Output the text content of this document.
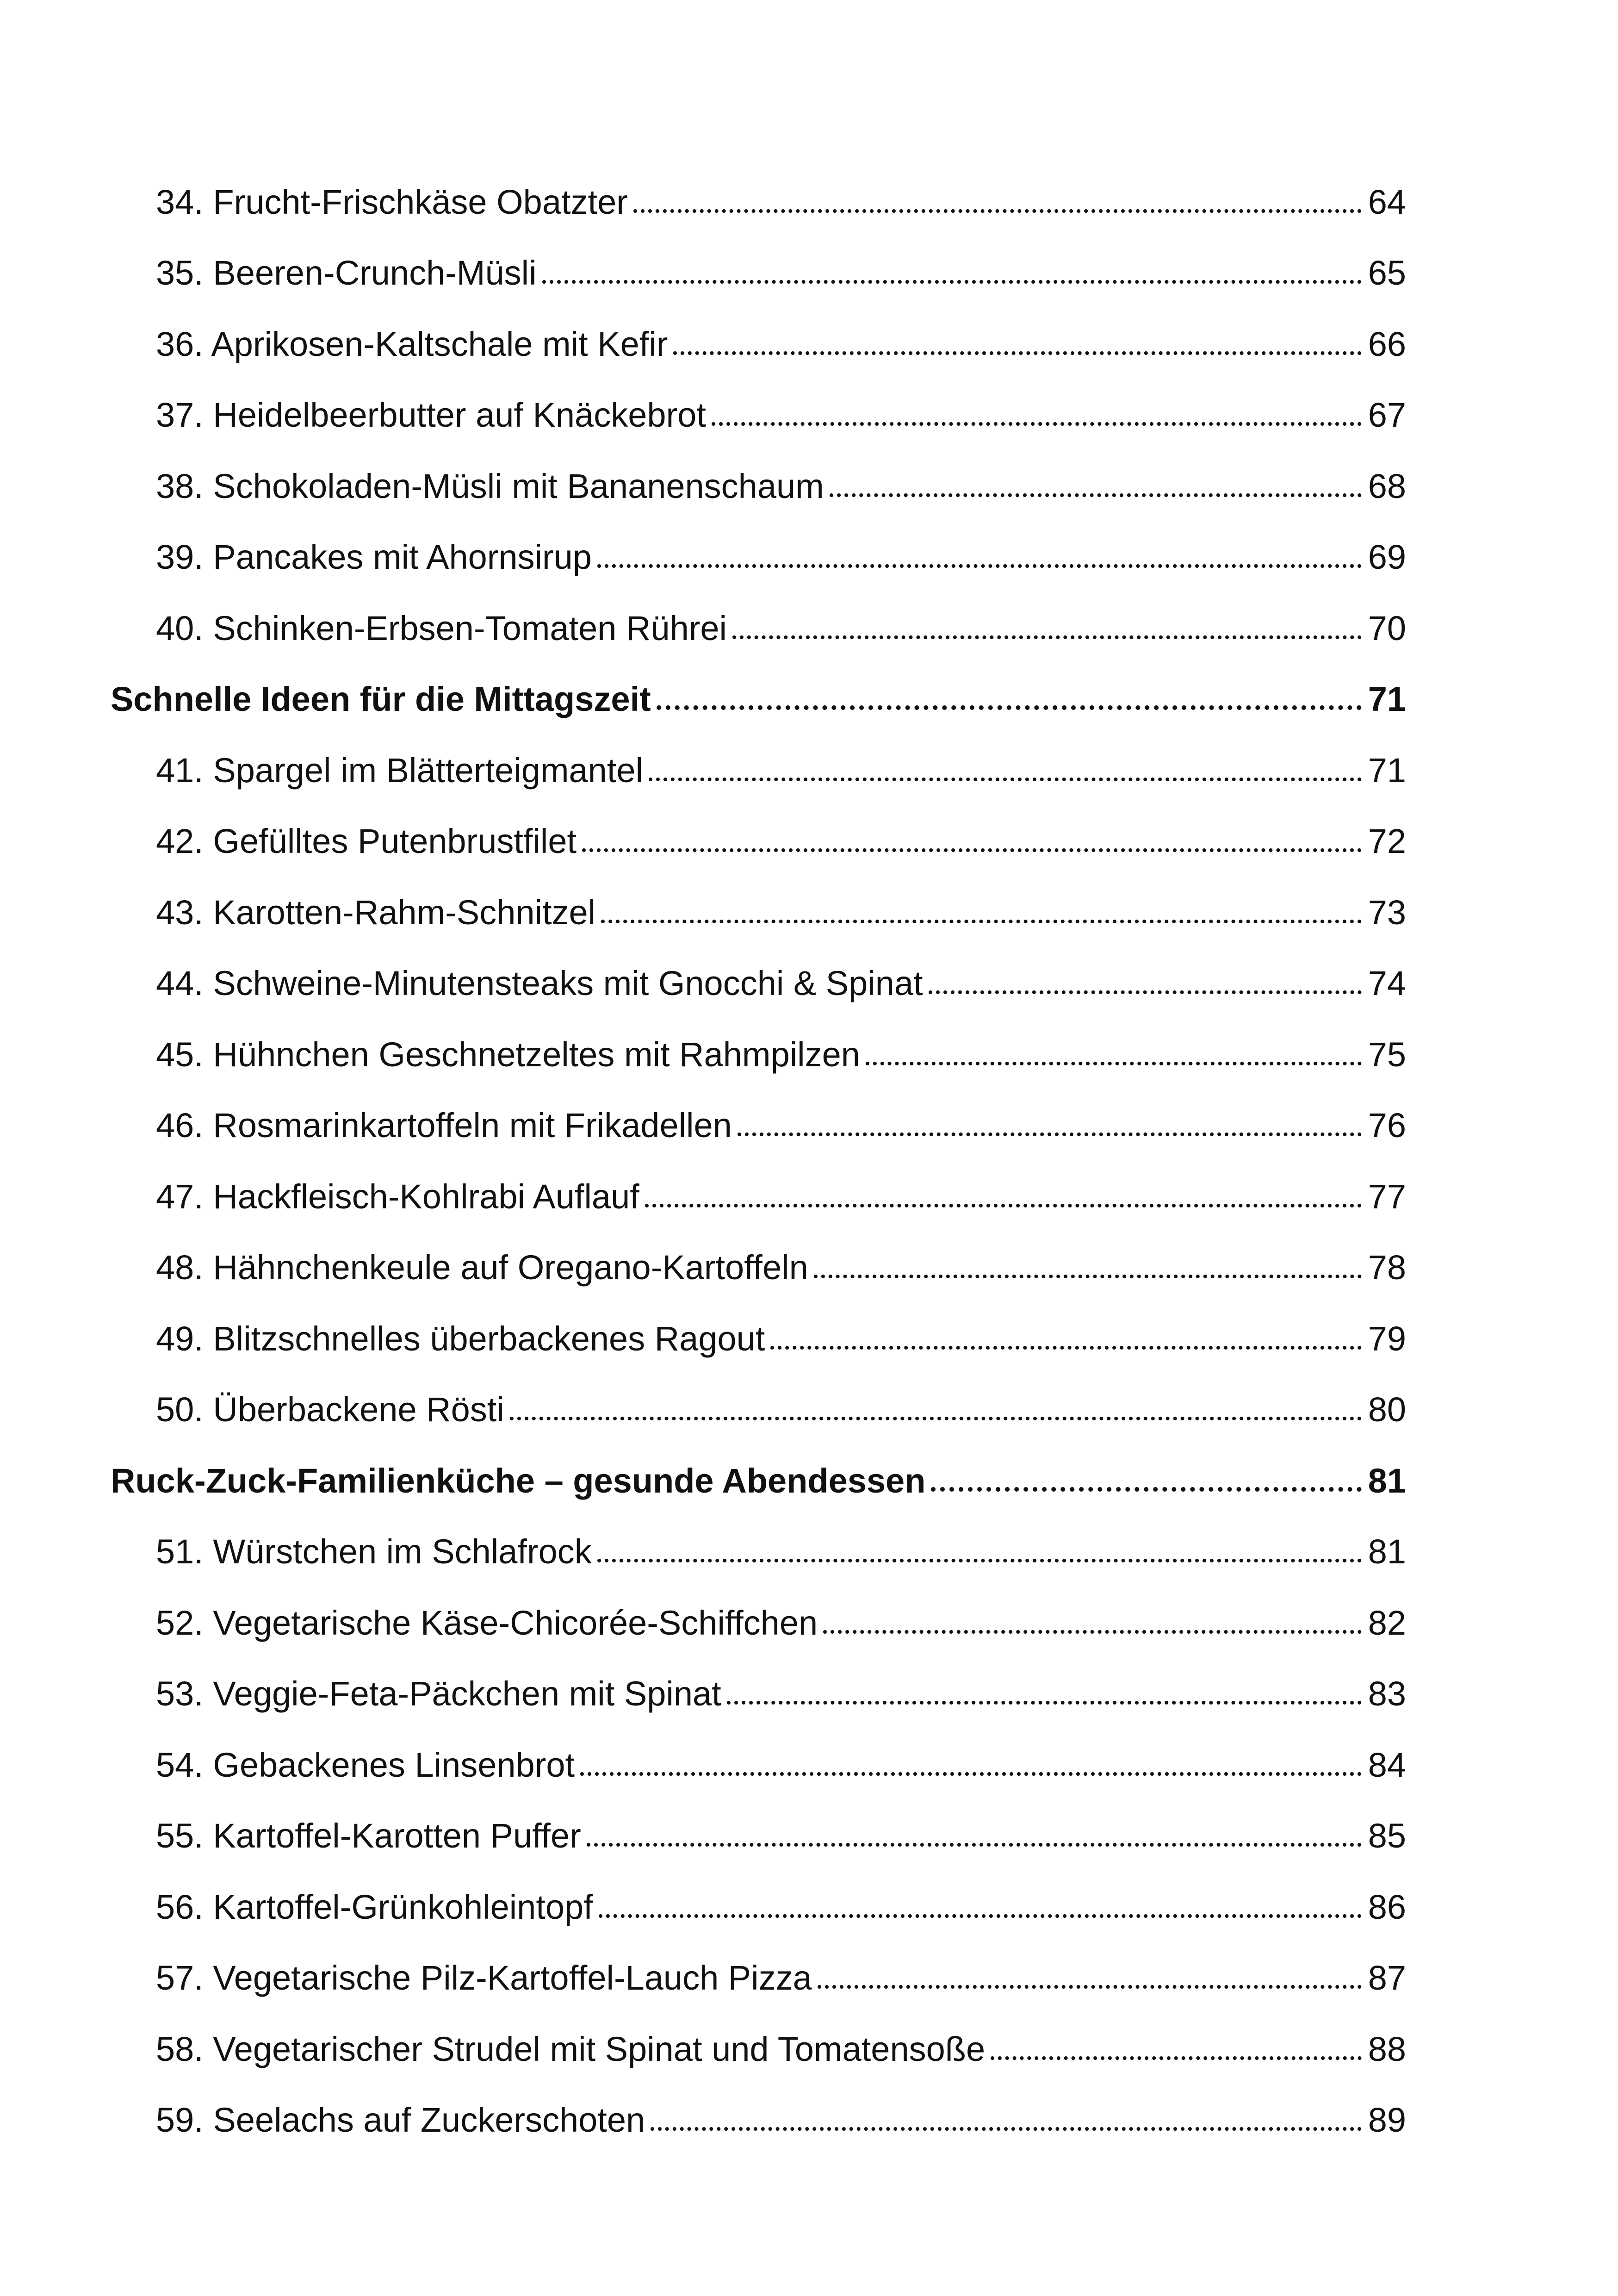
34. Frucht-Frischkäse Obatzter	64
35. Beeren-Crunch-Müsli	65
36. Aprikosen-Kaltschale mit Kefir	66
37. Heidelbeerbutter auf Knäckebrot	67
38. Schokoladen-Müsli mit Bananenschaum	68
39. Pancakes mit Ahornsirup	69
40. Schinken-Erbsen-Tomaten Rührei	70
Schnelle Ideen für die Mittagszeit	71
41. Spargel im Blätterteigmantel	71
42. Gefülltes Putenbrustfilet	72
43. Karotten-Rahm-Schnitzel	73
44. Schweine-Minutensteaks mit Gnocchi & Spinat	74
45. Hühnchen Geschnetzeltes mit Rahmpilzen	75
46. Rosmarinkartoffeln mit Frikadellen	76
47. Hackfleisch-Kohlrabi Auflauf	77
48. Hähnchenkeule auf Oregano-Kartoffeln	78
49. Blitzschnelles überbackenes Ragout	79
50. Überbackene Rösti	80
Ruck-Zuck-Familienküche – gesunde Abendessen	81
51. Würstchen im Schlafrock	81
52. Vegetarische Käse-Chicorée-Schiffchen	82
53. Veggie-Feta-Päckchen mit Spinat	83
54. Gebackenes Linsenbrot	84
55. Kartoffel-Karotten Puffer	85
56. Kartoffel-Grünkohleintopf	86
57. Vegetarische Pilz-Kartoffel-Lauch Pizza	87
58. Vegetarischer Strudel mit Spinat und Tomatensoße	88
59. Seelachs auf Zuckerschoten	89
